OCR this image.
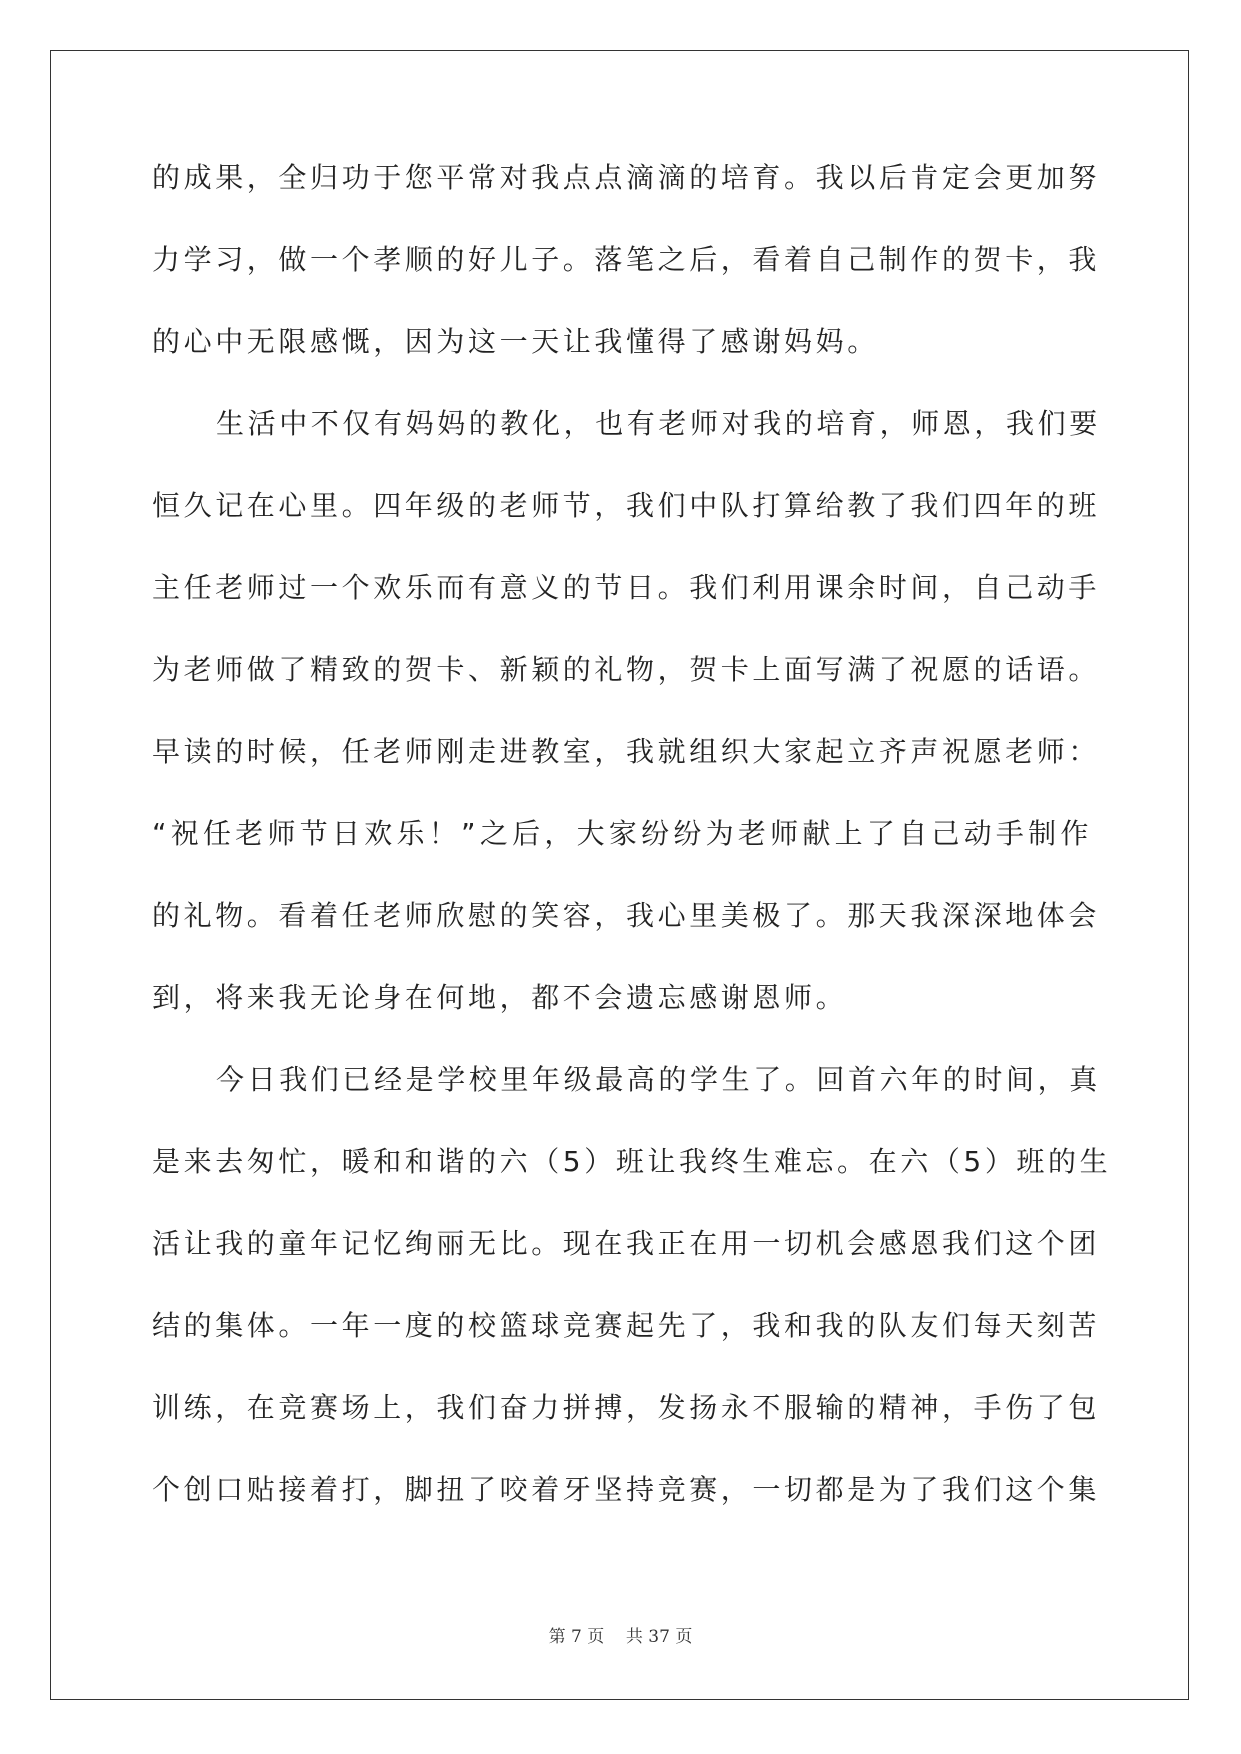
的成果，全归功于您平常对我点点滴滴的培育。我以后肯定会更加努
力学习，做一个孝顺的好儿子。落笔之后，看着自己制作的贺卡，我
的心中无限感慨，因为这一天让我懂得了感谢妈妈。
生活中不仅有妈妈的教化，也有老师对我的培育，师恩，我们要
恒久记在心里。四年级的老师节，我们中队打算给教了我们四年的班
主任老师过一个欢乐而有意义的节日。我们利用课余时间，自己动手
为老师做了精致的贺卡、新颖的礼物，贺卡上面写满了祝愿的话语。
早读的时候，任老师刚走进教室，我就组织大家起立齐声祝愿老师：
“祝任老师节日欢乐！”之后，大家纷纷为老师献上了自己动手制作
的礼物。看着任老师欣慰的笑容，我心里美极了。那天我深深地体会
到，将来我无论身在何地，都不会遗忘感谢恩师。
今日我们已经是学校里年级最高的学生了。回首六年的时间，真
是来去匆忙，暖和和谐的六（5）班让我终生难忘。在六（5）班的生
活让我的童年记忆绚丽无比。现在我正在用一切机会感恩我们这个团
结的集体。一年一度的校篮球竞赛起先了，我和我的队友们每天刻苦
训练，在竞赛场上，我们奋力拼搏，发扬永不服输的精神，手伤了包
个创口贴接着打，脚扭了咬着牙坚持竞赛，一切都是为了我们这个集
第 7 页    共 37 页
